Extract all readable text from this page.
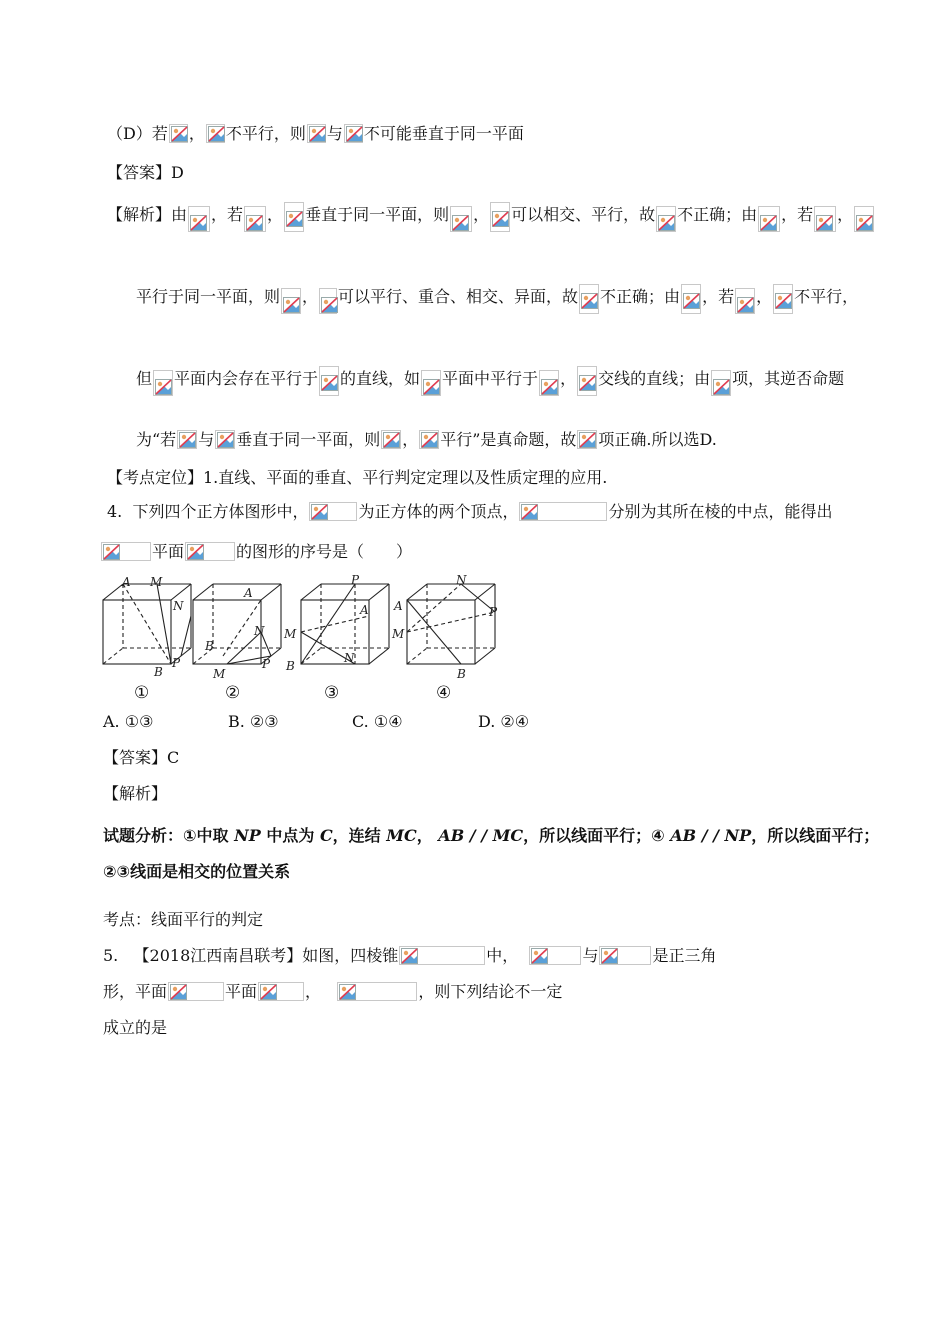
（D）若 ， 不平行，则 与 不可能垂直于同一平面
【答案】D
【解析】由 ，若 ， 垂直于同一平面，则 ， 可以相交、平行，故 不正确；由 ，若 ，
平行于同一平面，则 ， 可以平行、重合、相交、异面，故 不正确；由 ，若 ， 不平行，
但 平面内会存在平行于 的直线，如 平面中平行于 ， 交线的直线；由 项，其逆否命题
为“若 与 垂直于同一平面，则 ， 平行”是真命题，故 项正确.所以选D.
【考点定位】1.直线、平面的垂直、平行判定定理以及性质定理的应用.
4. 下列四个正方体图形中，	为正方体的两个顶点，	分别为其所在棱的中点，能得出
平面	的图形的序号是（　　）
A M
N
B
P
A
N
B
M
P
P
A
M
B
N
N
A	P
M
B
①	②	③	④
A. ①③	B. ②③	C. ①④	D. ②④
【答案】C
【解析】
试题分析：①中取 NP 中点为 C，连结 MC， AB / / MC，所以线面平行；④ AB / / NP，所以线面平行；
②③线面是相交的位置关系
考点：线面平行的判定
5. 【2018江西南昌联考】如图，四棱锥	中，	与	是正三角
形，平面	平面	，	，则下列结论不一定
成立的是
